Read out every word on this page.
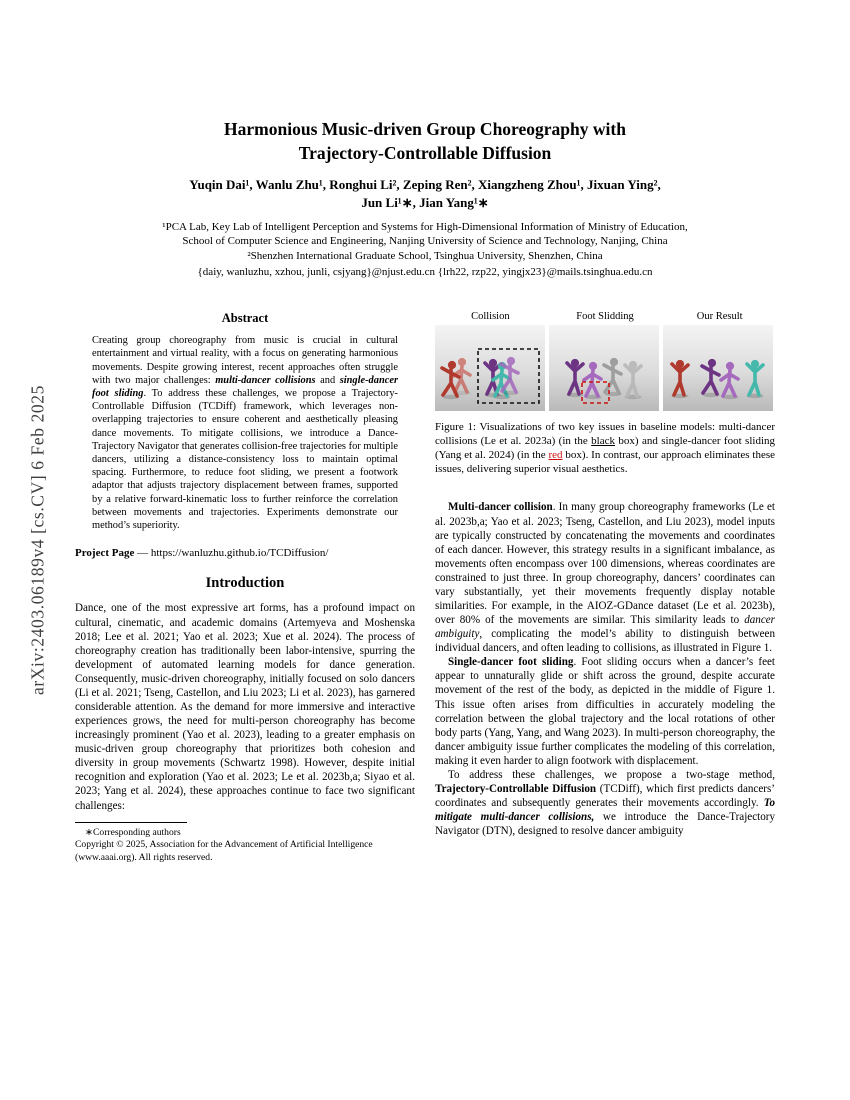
arXiv:2403.06189v4 [cs.CV] 6 Feb 2025
Harmonious Music-driven Group Choreography with
Trajectory-Controllable Diffusion
Yuqin Dai¹, Wanlu Zhu¹, Ronghui Li², Zeping Ren², Xiangzheng Zhou¹, Jixuan Ying²,
Jun Li¹∗, Jian Yang¹∗
¹PCA Lab, Key Lab of Intelligent Perception and Systems for High-Dimensional Information of Ministry of Education,
School of Computer Science and Engineering, Nanjing University of Science and Technology, Nanjing, China
²Shenzhen International Graduate School, Tsinghua University, Shenzhen, China
{daiy, wanluzhu, xzhou, junli, csjyang}@njust.edu.cn {lrh22, rzp22, yingjx23}@mails.tsinghua.edu.cn
Abstract

Creating group choreography from music is crucial in cultural entertainment and virtual reality, with a focus on generating harmonious movements. Despite growing interest, recent approaches often struggle with two major challenges: multi-dancer collisions and single-dancer foot sliding. To address these challenges, we propose a Trajectory-Controllable Diffusion (TCDiff) framework, which leverages non-overlapping trajectories to ensure coherent and aesthetically pleasing dance movements. To mitigate collisions, we introduce a Dance-Trajectory Navigator that generates collision-free trajectories for multiple dancers, utilizing a distance-consistency loss to maintain optimal spacing. Furthermore, to reduce foot sliding, we present a footwork adaptor that adjusts trajectory displacement between frames, supported by a relative forward-kinematic loss to further reinforce the correlation between movements and trajectories. Experiments demonstrate our method’s superiority.

Project Page — https://wanluzhu.github.io/TCDiffusion/

Introduction

Dance, one of the most expressive art forms, has a profound impact on cultural, cinematic, and academic domains (Artemyeva and Moshenska 2018; Lee et al. 2021; Yao et al. 2023; Xue et al. 2024). The process of choreography creation has traditionally been labor-intensive, spurring the development of automated learning models for dance generation. Consequently, music-driven choreography, initially focused on solo dancers (Li et al. 2021; Tseng, Castellon, and Liu 2023; Li et al. 2023), has garnered considerable attention. As the demand for more immersive and interactive experiences grows, the need for multi-person choreography has become increasingly prominent (Yao et al. 2023), leading to a greater emphasis on music-driven group choreography that prioritizes both cohesion and diversity in group movements (Schwartz 1998). However, despite initial recognition and exploration (Yao et al. 2023; Le et al. 2023b,a; Siyao et al. 2023; Yang et al. 2024), these approaches continue to face two significant challenges:

∗Corresponding authors

Copyright © 2025, Association for the Advancement of Artificial Intelligence (www.aaai.org). All rights reserved.

Collision	Foot Slidding	Our Result
Figure 1: Visualizations of two key issues in baseline models: multi-dancer collisions (Le et al. 2023a) (in the black box) and single-dancer foot sliding (Yang et al. 2024) (in the red box). In contrast, our approach eliminates these issues, delivering superior visual aesthetics.

Multi-dancer collision. In many group choreography frameworks (Le et al. 2023b,a; Yao et al. 2023; Tseng, Castellon, and Liu 2023), model inputs are typically constructed by concatenating the movements and coordinates of each dancer. However, this strategy results in a significant imbalance, as movements often encompass over 100 dimensions, whereas coordinates are constrained to just three. In group choreography, dancers’ coordinates can vary substantially, yet their movements frequently display notable similarities. For example, in the AIOZ-GDance dataset (Le et al. 2023b), over 80% of the movements are similar. This similarity leads to dancer ambiguity, complicating the model’s ability to distinguish between individual dancers, and often leading to collisions, as illustrated in Figure 1.

Single-dancer foot sliding. Foot sliding occurs when a dancer’s feet appear to unnaturally glide or shift across the ground, despite accurate movement of the rest of the body, as depicted in the middle of Figure 1. This issue often arises from difficulties in accurately modeling the correlation between the global trajectory and the local rotations of other body parts (Yang, Yang, and Wang 2023). In multi-person choreography, the dancer ambiguity issue further complicates the modeling of this correlation, making it even harder to align footwork with displacement.

To address these challenges, we propose a two-stage method, Trajectory-Controllable Diffusion (TCDiff), which first predicts dancers’ coordinates and subsequently generates their movements accordingly. To mitigate multi-dancer collisions, we introduce the Dance-Trajectory Navigator (DTN), designed to resolve dancer ambiguity
